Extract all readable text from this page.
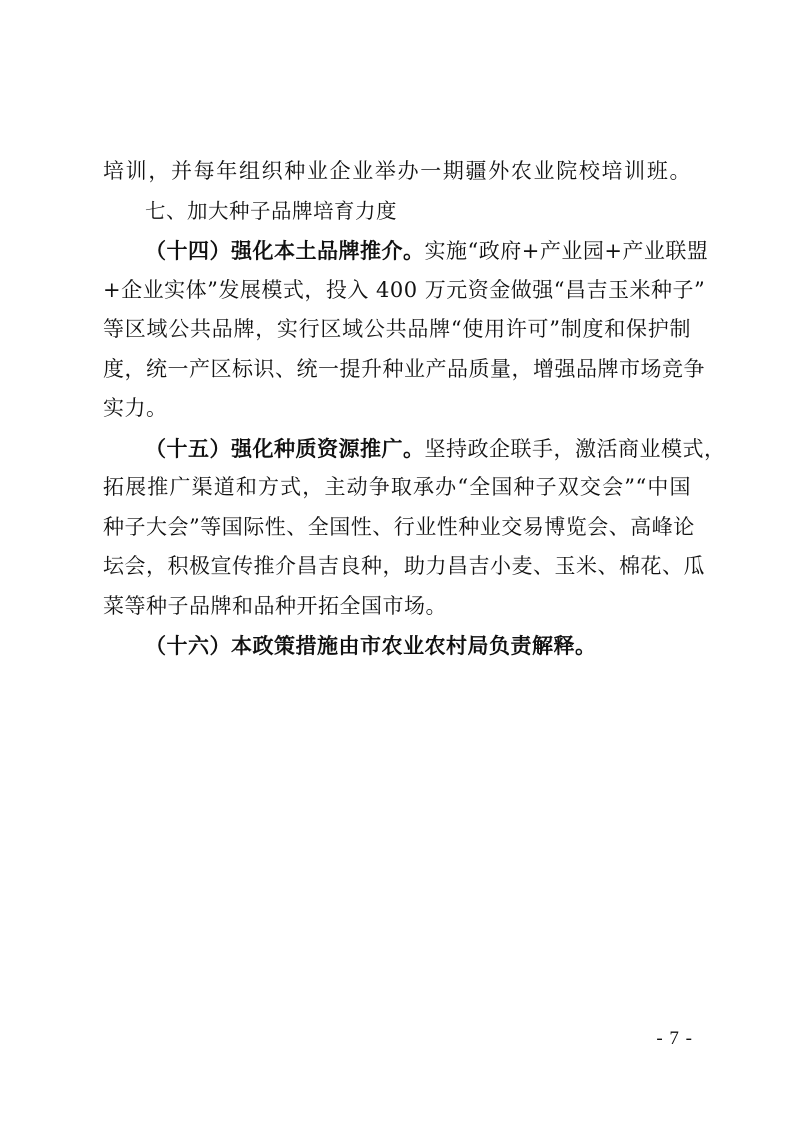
培训，并每年组织种业企业举办一期疆外农业院校培训班。
七、加大种子品牌培育力度
（十四）强化本土品牌推介。实施“政府+产业园+产业联盟
+企业实体”发展模式，投入 400 万元资金做强“昌吉玉米种子”
等区域公共品牌，实行区域公共品牌“使用许可”制度和保护制
度，统一产区标识、统一提升种业产品质量，增强品牌市场竞争
实力。
（十五）强化种质资源推广。坚持政企联手，激活商业模式，
拓展推广渠道和方式，主动争取承办“全国种子双交会”“中国
种子大会”等国际性、全国性、行业性种业交易博览会、高峰论
坛会，积极宣传推介昌吉良种，助力昌吉小麦、玉米、棉花、瓜
菜等种子品牌和品种开拓全国市场。
（十六）本政策措施由市农业农村局负责解释。
- 7 -
